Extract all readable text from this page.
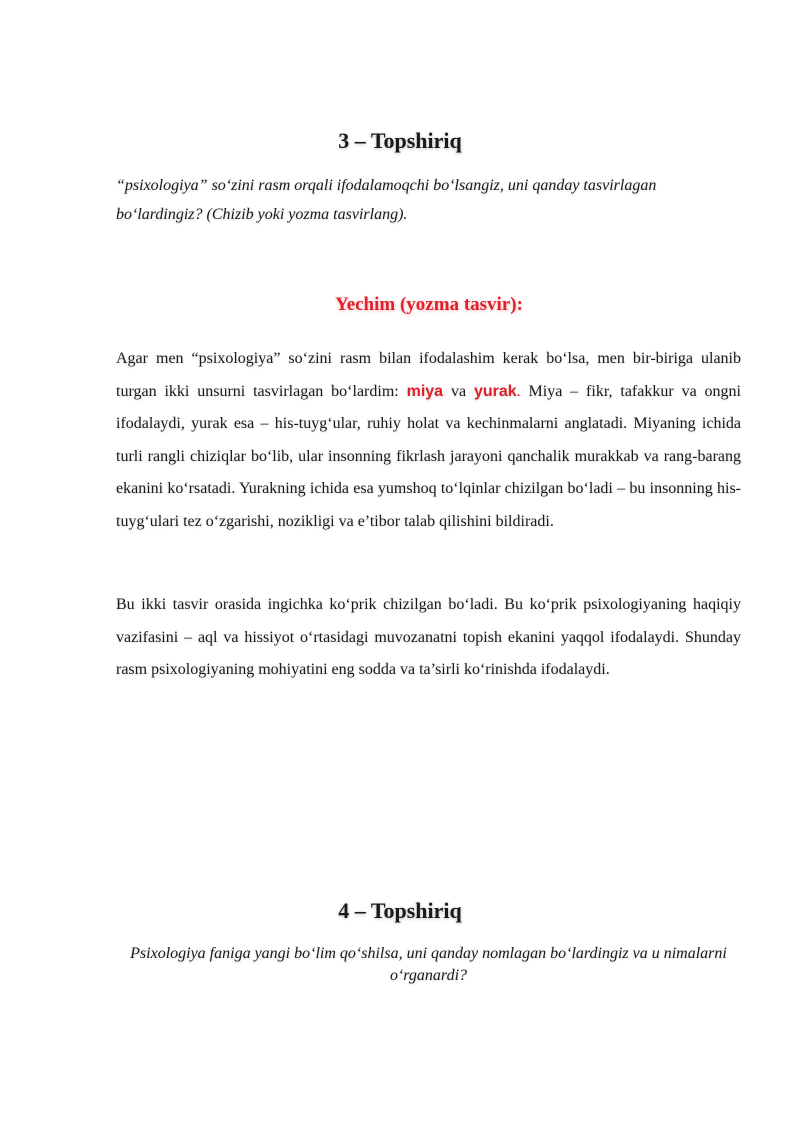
3 – Topshiriq
“psixologiya” so‘zini rasm orqali ifodalamoqchi bo‘lsangiz, uni qanday tasvirlagan bo‘lardingiz? (Chizib yoki yozma tasvirlang).
Yechim (yozma tasvir):
Agar men “psixologiya” so‘zini rasm bilan ifodalashim kerak bo‘lsa, men bir-biriga ulanib turgan ikki unsurni tasvirlagan bo‘lardim: miya va yurak. Miya – fikr, tafakkur va ongni ifodalaydi, yurak esa – his-tuyg‘ular, ruhiy holat va kechinmalarni anglatadi. Miyaning ichida turli rangli chiziqlar bo‘lib, ular insonning fikrlash jarayoni qanchalik murakkab va rang-barang ekanini ko‘rsatadi. Yurakning ichida esa yumshoq to‘lqinlar chizilgan bo‘ladi – bu insonning his-tuyg‘ulari tez o‘zgarishi, nozikligi va e’tibor talab qilishini bildiradi.
Bu ikki tasvir orasida ingichka ko‘prik chizilgan bo‘ladi. Bu ko‘prik psixologiyaning haqiqiy vazifasini – aql va hissiyot o‘rtasidagi muvozanatni topish ekanini yaqqol ifodalaydi. Shunday rasm psixologiyaning mohiyatini eng sodda va ta’sirli ko‘rinishda ifodalaydi.
4 – Topshiriq
Psixologiya faniga yangi bo‘lim qo‘shilsa, uni qanday nomlagan bo‘lardingiz va u nimalarni o‘rganardi?
